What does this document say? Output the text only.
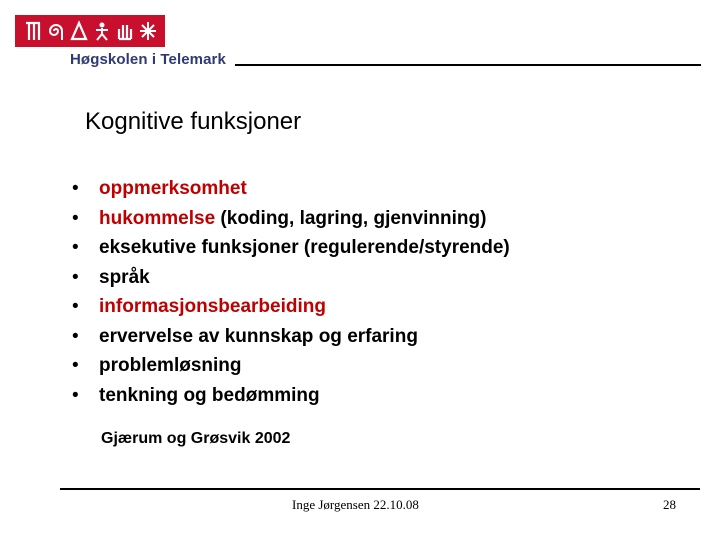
Høgskolen i Telemark
Kognitive funksjoner
• oppmerksomhet
• hukommelse (koding, lagring, gjenvinning)
• eksekutive funksjoner (regulerende/styrende)
• språk
• informasjonsbearbeiding
• ervervelse av kunnskap og erfaring
• problemløsning
• tenkning og bedømming
Gjærum og Grøsvik 2002
Inge Jørgensen 22.10.08	28
